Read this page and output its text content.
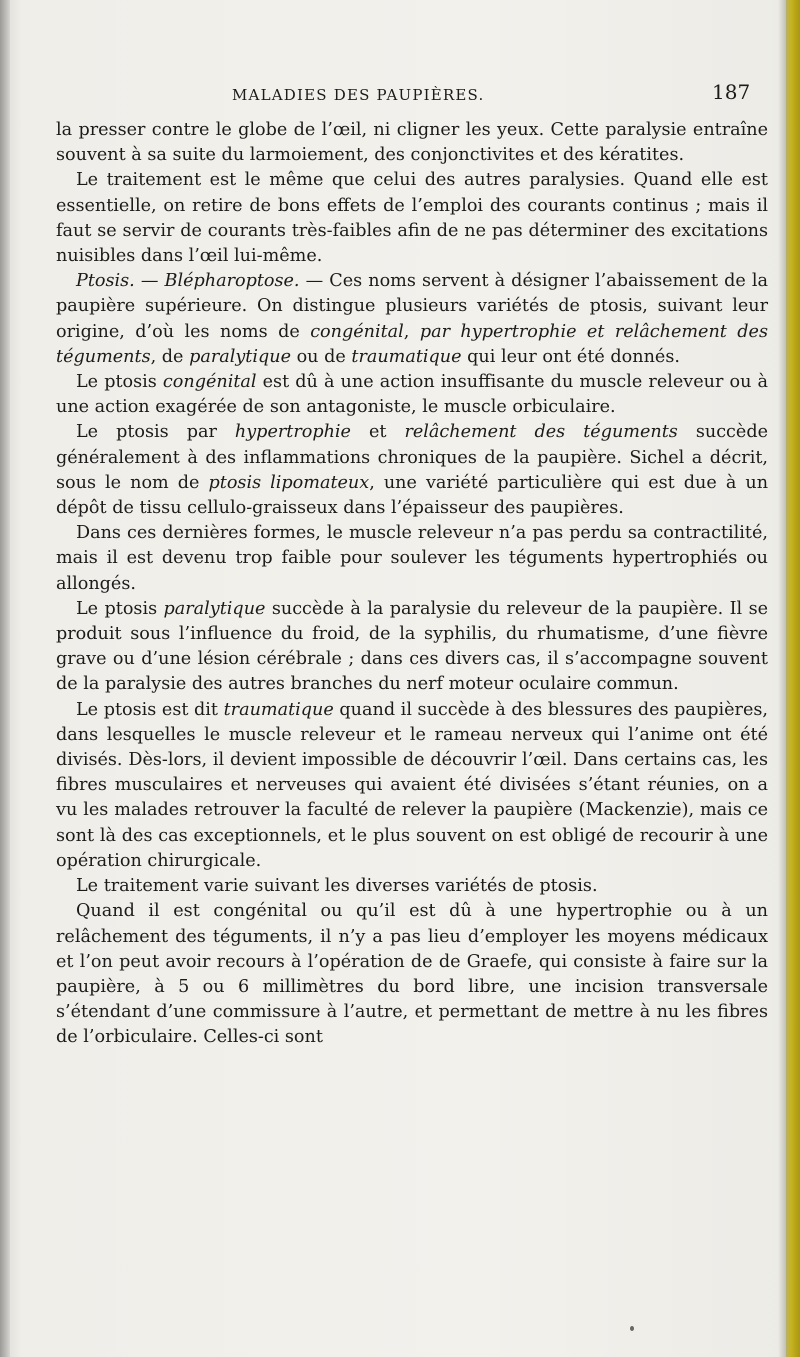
MALADIES DES PAUPIÈRES.	187

la presser contre le globe de l’œil, ni cligner les yeux. Cette paralysie entraîne souvent à sa suite du larmoiement, des conjonctivites et des kératites.

Le traitement est le même que celui des autres paralysies. Quand elle est essentielle, on retire de bons effets de l’emploi des courants continus ; mais il faut se servir de courants très-faibles afin de ne pas déterminer des excitations nuisibles dans l’œil lui-même.

Ptosis. — Blépharoptose. — Ces noms servent à désigner l’abaissement de la paupière supérieure. On distingue plusieurs variétés de ptosis, suivant leur origine, d’où les noms de congénital, par hypertrophie et relâchement des téguments, de paralytique ou de traumatique qui leur ont été donnés.

Le ptosis congénital est dû à une action insuffisante du muscle releveur ou à une action exagérée de son antagoniste, le muscle orbiculaire.

Le ptosis par hypertrophie et relâchement des téguments succède généralement à des inflammations chroniques de la paupière. Sichel a décrit, sous le nom de ptosis lipomateux, une variété particulière qui est due à un dépôt de tissu cellulo-graisseux dans l’épaisseur des paupières.

Dans ces dernières formes, le muscle releveur n’a pas perdu sa contractilité, mais il est devenu trop faible pour soulever les téguments hypertrophiés ou allongés.

Le ptosis paralytique succède à la paralysie du releveur de la paupière. Il se produit sous l’influence du froid, de la syphilis, du rhumatisme, d’une fièvre grave ou d’une lésion cérébrale ; dans ces divers cas, il s’accompagne souvent de la paralysie des autres branches du nerf moteur oculaire commun.

Le ptosis est dit traumatique quand il succède à des blessures des paupières, dans lesquelles le muscle releveur et le rameau nerveux qui l’anime ont été divisés. Dès-lors, il devient impossible de découvrir l’œil. Dans certains cas, les fibres musculaires et nerveuses qui avaient été divisées s’étant réunies, on a vu les malades retrouver la faculté de relever la paupière (Mackenzie), mais ce sont là des cas exceptionnels, et le plus souvent on est obligé de recourir à une opération chirurgicale.

Le traitement varie suivant les diverses variétés de ptosis.

Quand il est congénital ou qu’il est dû à une hypertrophie ou à un relâchement des téguments, il n’y a pas lieu d’employer les moyens médicaux et l’on peut avoir recours à l’opération de de Graefe, qui consiste à faire sur la paupière, à 5 ou 6 millimètres du bord libre, une incision transversale s’étendant d’une commissure à l’autre, et permettant de mettre à nu les fibres de l’orbiculaire. Celles-ci sont
